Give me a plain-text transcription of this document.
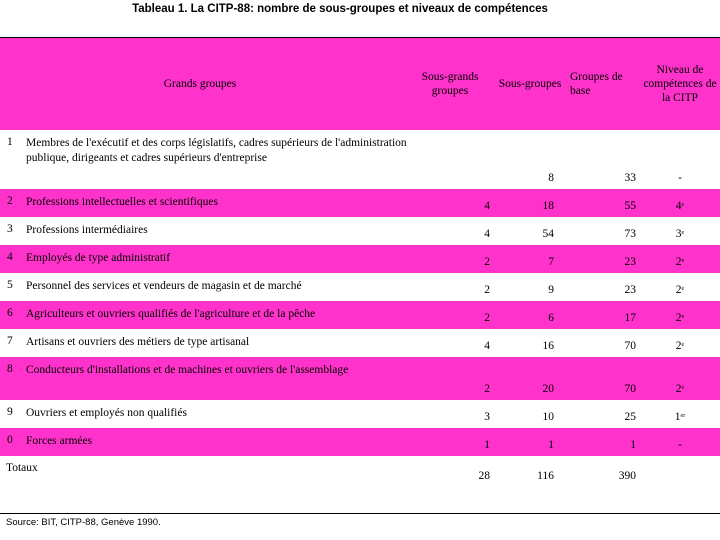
Tableau 1. La CITP-88: nombre de sous-groupes et niveaux de compétences
Grands groupes		Sous-grands groupes	Sous-groupes	Groupes de base	Niveau de compétences de la CITP
1	Membres de l'exécutif et des corps législatifs, cadres supérieurs de l'administration publique, dirigeants et cadres supérieurs d'entreprise		8	33	-
2	Professions intellectuelles et scientifiques	4	18	55	4e
3	Professions intermédiaires	4	54	73	3e
4	Employés de type administratif	2	7	23	2e
5	Personnel des services et vendeurs de magasin et de marché	2	9	23	2e
6	Agriculteurs et ouvriers qualifiés de l'agriculture et de la pêche	2	6	17	2e
7	Artisans et ouvriers des métiers de type artisanal	4	16	70	2e
8	Conducteurs d'installations et de machines et ouvriers de l'assemblage	2	20	70	2e
9	Ouvriers et employés non qualifiés	3	10	25	1er
0	Forces armées	1	1	1	-
Totaux		28	116	390	
Source: BIT, CITP-88, Genève 1990.
